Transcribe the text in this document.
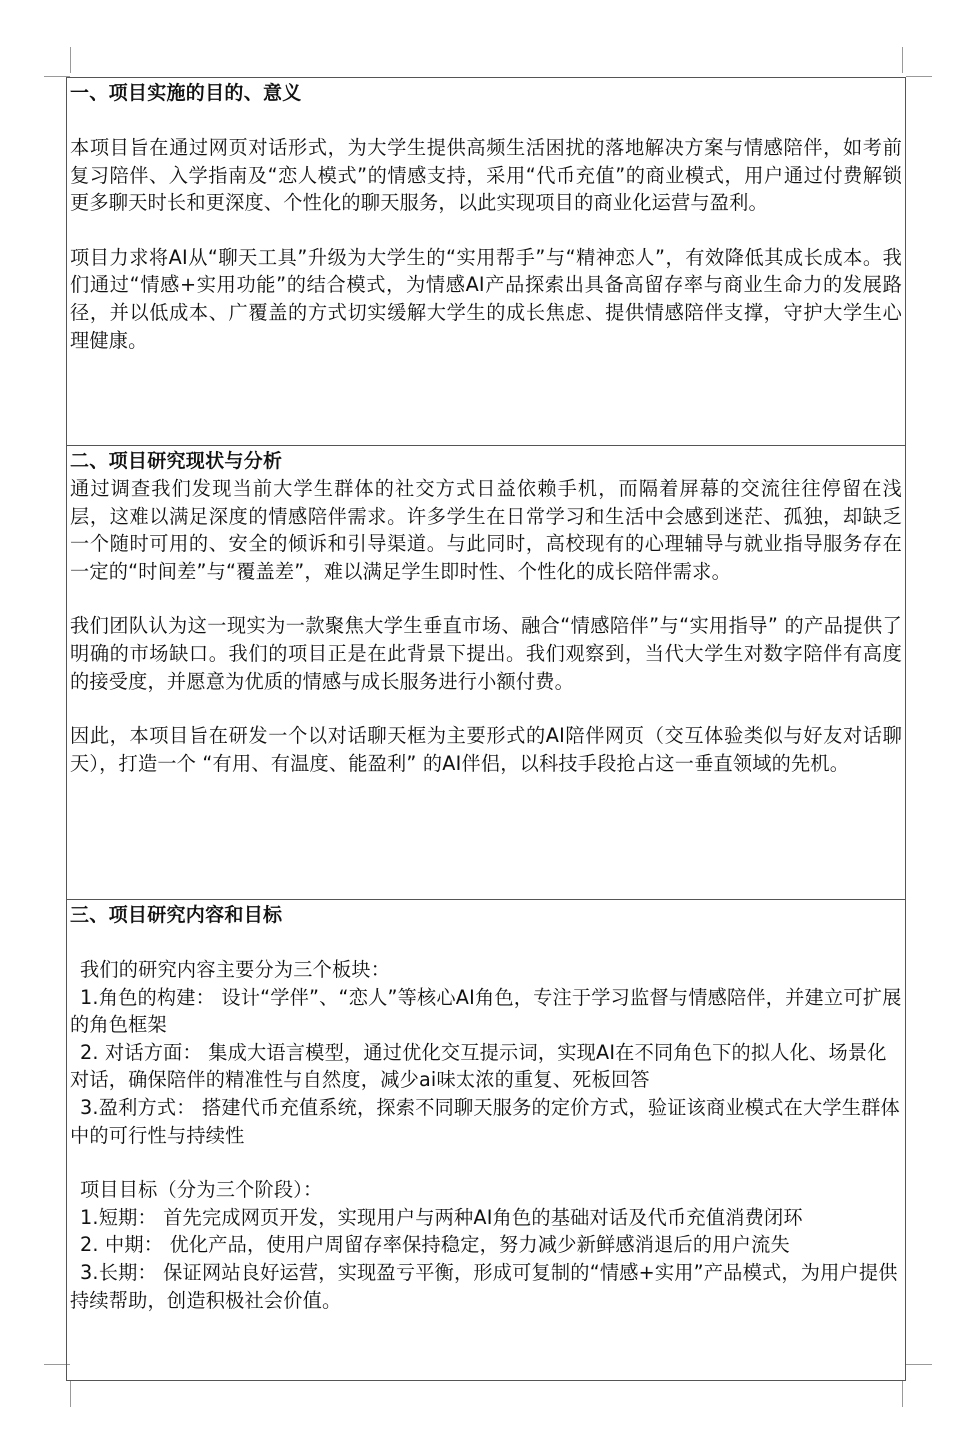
一、项目实施的目的、意义

本项目旨在通过网页对话形式，为大学生提供高频生活困扰的落地解决方案与情感陪伴，如考前复习陪伴、入学指南及“恋人模式”的情感支持，采用“代币充值”的商业模式，用户通过付费解锁更多聊天时长和更深度、个性化的聊天服务，以此实现项目的商业化运营与盈利。

项目力求将AI从“聊天工具”升级为大学生的“实用帮手”与“精神恋人”，有效降低其成长成本。我们通过“情感+实用功能”的结合模式，为情感AI产品探索出具备高留存率与商业生命力的发展路径，并以低成本、广覆盖的方式切实缓解大学生的成长焦虑、提供情感陪伴支撑，守护大学生心理健康。

二、项目研究现状与分析

通过调查我们发现当前大学生群体的社交方式日益依赖手机，而隔着屏幕的交流往往停留在浅层，这难以满足深度的情感陪伴需求。许多学生在日常学习和生活中会感到迷茫、孤独，却缺乏一个随时可用的、安全的倾诉和引导渠道。与此同时，高校现有的心理辅导与就业指导服务存在一定的“时间差”与“覆盖差”，难以满足学生即时性、个性化的成长陪伴需求。

我们团队认为这一现实为一款聚焦大学生垂直市场、融合“情感陪伴”与“实用指导” 的产品提供了明确的市场缺口。我们的项目正是在此背景下提出。我们观察到，当代大学生对数字陪伴有高度的接受度，并愿意为优质的情感与成长服务进行小额付费。

因此，本项目旨在研发一个以对话聊天框为主要形式的AI陪伴网页（交互体验类似与好友对话聊天），打造一个 “有用、有温度、能盈利” 的AI伴侣，以科技手段抢占这一垂直领域的先机。

三、项目研究内容和目标

我们的研究内容主要分为三个板块：

1.角色的构建： 设计“学伴”、“恋人”等核心AI角色，专注于学习监督与情感陪伴，并建立可扩展的角色框架

2. 对话方面： 集成大语言模型，通过优化交互提示词，实现AI在不同角色下的拟人化、场景化对话，确保陪伴的精准性与自然度，减少ai味太浓的重复、死板回答

3.盈利方式： 搭建代币充值系统，探索不同聊天服务的定价方式，验证该商业模式在大学生群体中的可行性与持续性

项目目标（分为三个阶段）：

1.短期： 首先完成网页开发，实现用户与两种AI角色的基础对话及代币充值消费闭环

2. 中期： 优化产品，使用户周留存率保持稳定，努力减少新鲜感消退后的用户流失

3.长期： 保证网站良好运营，实现盈亏平衡，形成可复制的“情感+实用”产品模式，为用户提供持续帮助，创造积极社会价值。
